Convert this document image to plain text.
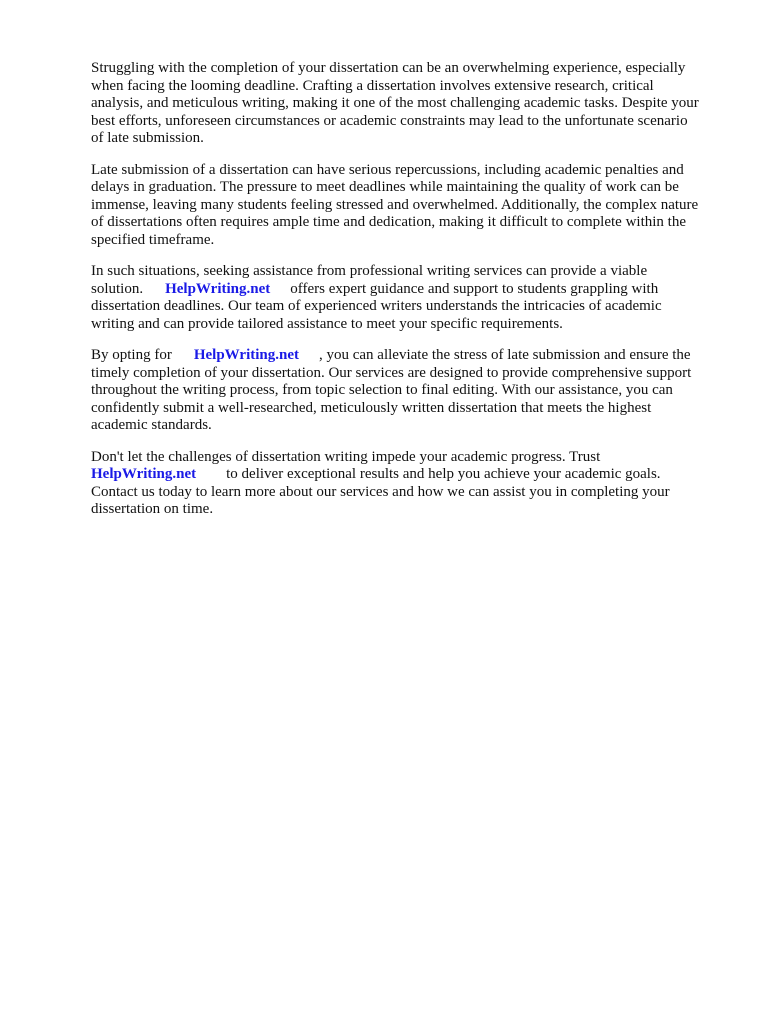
Struggling with the completion of your dissertation can be an overwhelming experience, especially
when facing the looming deadline. Crafting a dissertation involves extensive research, critical
analysis, and meticulous writing, making it one of the most challenging academic tasks. Despite your
best efforts, unforeseen circumstances or academic constraints may lead to the unfortunate scenario
of late submission.

Late submission of a dissertation can have serious repercussions, including academic penalties and
delays in graduation. The pressure to meet deadlines while maintaining the quality of work can be
immense, leaving many students feeling stressed and overwhelmed. Additionally, the complex nature
of dissertations often requires ample time and dedication, making it difficult to complete within the
specified timeframe.

In such situations, seeking assistance from professional writing services can provide a viable
solution. HelpWriting.net offers expert guidance and support to students grappling with
dissertation deadlines. Our team of experienced writers understands the intricacies of academic
writing and can provide tailored assistance to meet your specific requirements.

By opting for HelpWriting.net , you can alleviate the stress of late submission and ensure the
timely completion of your dissertation. Our services are designed to provide comprehensive support
throughout the writing process, from topic selection to final editing. With our assistance, you can
confidently submit a well-researched, meticulously written dissertation that meets the highest
academic standards.

Don't let the challenges of dissertation writing impede your academic progress. Trust
HelpWriting.net to deliver exceptional results and help you achieve your academic goals.
Contact us today to learn more about our services and how we can assist you in completing your
dissertation on time.
